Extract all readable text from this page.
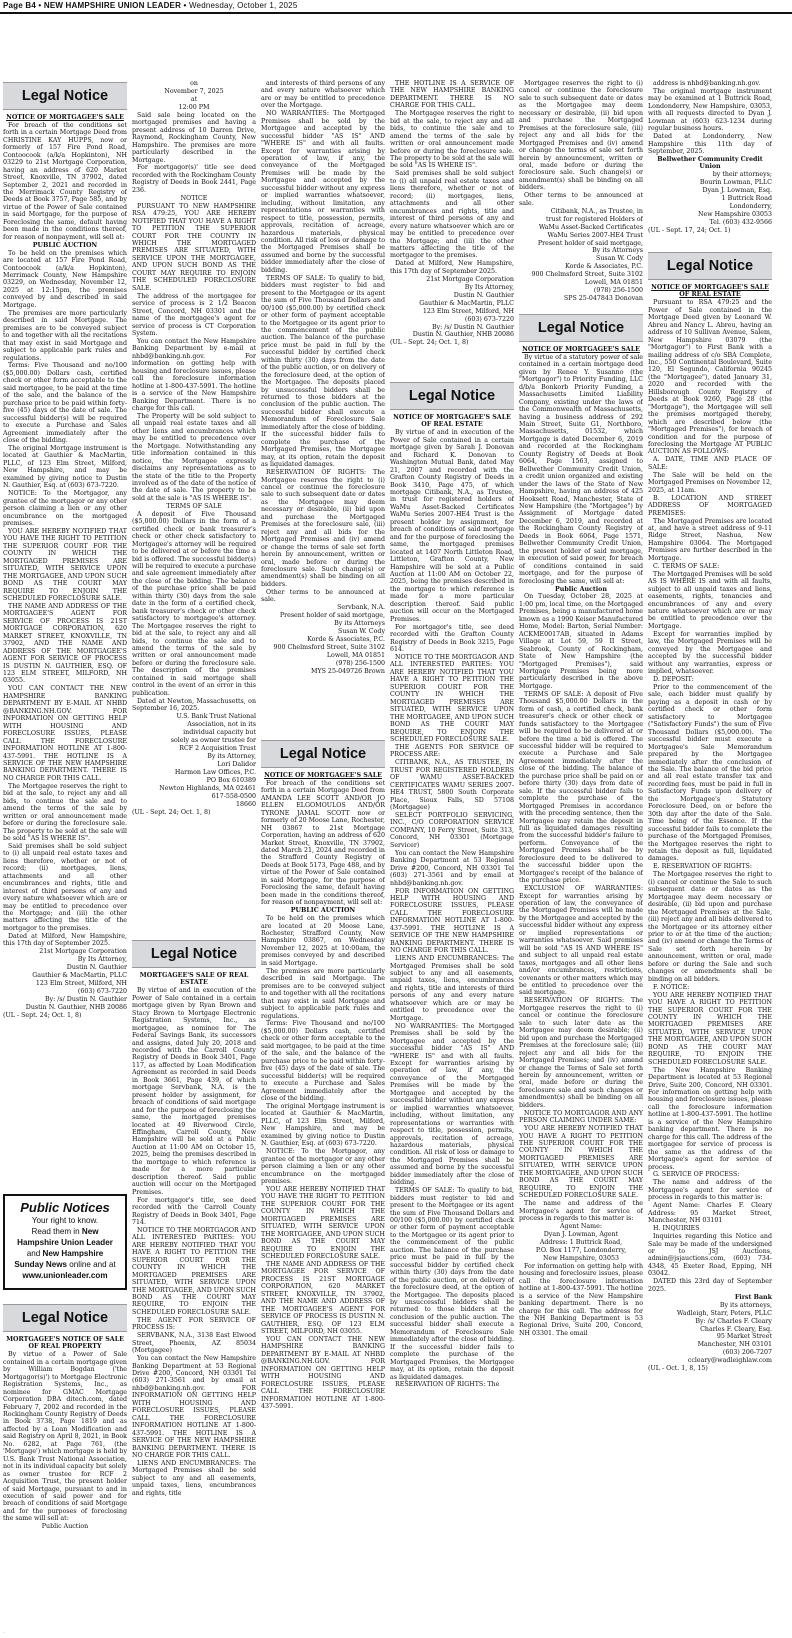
Page B4 • NEW HAMPSHIRE UNION LEADER • Wednesday, October 1, 2025
Legal Notice
Legal Notice
Legal Notice
Legal Notice
Legal Notice
Legal Notice
Legal Notice

NOTICE OF MORTGAGEE'S SALE

For breach of the conditions set forth in a certain Mortgage Deed from CHRISTINE KAY HUPPS, now or formerly of 157 Fire Pond Road, Contoocook (a/k/a Hopkinton), NH 03229 to 21st Mortgage Corporation, having an address of 620 Market Street, Knoxville, TN 37902, dated September 2, 2021 and recorded in the Merrimack County Registry of Deeds at Book 3757, Page 585, and by virtue of the Power of Sale contained in said Mortgage, for the purpose of Foreclosing the same, default having been made in the conditions thereof, for reason of nonpayment, will sell at:

PUBLIC AUCTION

To be held on the premises which are located at 157 Fire Pond Road, Contoocook (a/k/a Hopkinton), Merrimack County, New Hampshire 03229, on Wednesday, November 12, 2025 at 12:15pm, the premises conveyed by and described in said Mortgage.

The premises are more particularly described in said Mortgage. The premises are to be conveyed subject to and together with all the recitations that may exist in said Mortgage and subject to applicable park rules and regulations.

Terms: Five Thousand and no/100 ($5,000.00) Dollars cash, certified check or other form acceptable to the said mortgagee, to be paid at the time of the sale, and the balance of the purchase price to be paid within forty-five (45) days of the date of sale. The successful bidder(s) will be required to execute a Purchase and Sales Agreement immediately after the close of the bidding.

The original Mortgage instrument is located at Gauthier & MacMartin, PLLC, of 123 Elm Street, Milford, New Hampshire, and may be examined by giving notice to Dustin N. Gauthier, Esq. at (603) 673-7220.

NOTICE: To the Mortgagor, any grantee of the mortgagor or any other person claiming a lien or any other encumbrance on the mortgaged premises.

YOU ARE HEREBY NOTIFIED THAT YOU HAVE THE RIGHT TO PETITION THE SUPERIOR COURT FOR THE COUNTY IN WHICH THE MORTGAGED PREMISES ARE SITUATED, WITH SERVICE UPON THE MORTGAGEE, AND UPON SUCH BOND AS THE COURT MAY REQUIRE TO ENJOIN THE SCHEDULED FORECLOSURE SALE.

THE NAME AND ADDRESS OF THE MORTGAGEE'S AGENT FOR SERVICE OF PROCESS IS 21ST MORTGAGE CORPORATION, 620 MARKET STREET, KNOXVILLE, TN 37902, AND THE NAME AND ADDRESS OF THE MORTGAGEE'S AGENT FOR SERVICE OF PROCESS IS DUSTIN N. GAUTHIER, ESQ. OF 123 ELM STREET, MILFORD, NH 03055.

YOU CAN CONTACT THE NEW HAMPSHIRE BANKING DEPARTMENT BY E-MAIL AT NHBD @BANKING.NH.GOV. FOR INFORMATION ON GETTING HELP WITH HOUSING AND FORECLOSURE ISSUES, PLEASE CALL THE FORECLOSURE INFORMATION HOTLINE AT 1-800-437-5991. THE HOTLINE IS A SERVICE OF THE NEW HAMPSHIRE BANKING DEPARTMENT. THERE IS NO CHARGE FOR THIS CALL.

The Mortgagee reserves the right to bid at the sale, to reject any and all bids, to continue the sale and to amend the terms of the sale by written or oral announcement made before or during the foreclosure sale. The property to be sold at the sale will be sold "AS IS WHERE IS".

Said premises shall be sold subject to (i) all unpaid real estate taxes and liens therefore, whether or not of record; (ii) mortgages, liens, attachments and all other encumbrances and rights, title and interest of third persons of any and every nature whatsoever which are or may be entitled to precedence over the Mortgage; and (iii) the other matters affecting the title of the mortgagor to the premises.

Dated at Milford, New Hampshire, this 17th day of September 2025.

21st Mortgage Corporation

By Its Attorney,

Dustin N. Gauthier

Gauthier & MacMartin, PLLC

123 Elm Street, Milford, NH

(603) 673-7220

By: /s/ Dustin N. Gauthier

Dustin N. Gauthier, NHB 20086

(UL - Sept. 24; Oct. 1, 8)

Public Notices
Your right to know.
Read them in New
Hampshire Union Leader
and New Hampshire
Sunday News online and at
www.unionleader.com

MORTGAGEE'S NOTICE OF SALE OF REAL PROPERTY

By virtue of a Power of Sale contained in a certain mortgage given by William Bogdan ('the Mortgagor(s)') to Mortgage Electronic Registration Systems, Inc., as nominee for GMAC Mortgage Corporation DBA ditech.com, dated February 7, 2002 and recorded in the Rockingham County Registry of Deeds in Book 3738, Page 1819 and as affected by a Loan Modification and said Registry on April 8, 2021, in Book No. 6282, at Page 761, (the 'Mortgage') which mortgage is held by U.S. Bank Trust National Association, not in its individual capacity but solely as owner trustee for RCF 2 Acquisition Trust, the present holder of said Mortgage, pursuant to and in execution of said power and for breach of conditions of said Mortgage and for the purposes of foreclosing the same will sell at:

Public Auction

on

November 7, 2025

at

12:00 PM

Said sale being located on the mortgaged premises and having a present address of 10 Darren Drive, Raymond, Rockingham County, New Hampshire. The premises are more particularly described in the Mortgage.

For mortgagor(s)' title see deed recorded with the Rockingham County Registry of Deeds in Book 2441, Page 236.

NOTICE

PURSUANT TO NEW HAMPSHIRE RSA 479:25, YOU ARE HEREBY NOTIFIED THAT YOU HAVE A RIGHT TO PETITION THE SUPERIOR COURT FOR THE COUNTY IN WHICH THE MORTGAGED PREMISES ARE SITUATED, WITH SERVICE UPON THE MORTGAGEE, AND UPON SUCH BOND AS THE COURT MAY REQUIRE TO ENJOIN THE SCHEDULED FORECLOSURE SALE.

The address of the mortgagee for service of process is 2 1/2 Beacon Street, Concord, NH 03301 and the name of the mortgagee's agent for service of process is CT Corporation System.

You can contact the New Hampshire Banking Department by e-mail at nhbd@banking.nh.gov. For information on getting help with housing and foreclosure issues, please call the foreclosure information hotline at 1-800-437-5991. The hotline is a service of the New Hampshire Banking Department. There is no charge for this call.

The Property will be sold subject to all unpaid real estate taxes and all other liens and encumbrances which may be entitled to precedence over the Mortgage. Notwithstanding any title information contained in this notice, the Mortgagee expressly disclaims any representations as to the state of the title to the Property involved as of the date of the notice of the date of sale. The property to be sold at the sale is "AS IS WHERE IS".

TERMS OF SALE

A deposit of Five Thousand ($5,000.00) Dollars in the form of a certified check or bank treasurer's check or other check satisfactory to Mortgagee's attorney will be required to be delivered at or before the time a bid is offered. The successful bidder(s) will be required to execute a purchase and sale agreement immediately after the close of the bidding. The balance of the purchase price shall be paid within thirty (30) days from the sale date in the form of a certified check, bank treasurer's check or other check satisfactory to mortgagee's attorney. The Mortgagee reserves the right to bid at the sale, to reject any and all bids, to continue the sale and to amend the terms of the sale by written or oral announcement made before or during the foreclosure sale. The description of the premises contained in said mortgage shall control in the event of an error in this publication.

Dated at Newton, Massachusetts, on September 16, 2025.

U.S. Bank Trust National

Association, not in its

individual capacity but

solely as owner trustee for

RCF 2 Acquisition Trust

By its Attorney,

Lori Dalidor

Harmon Law Offices, P.C.

PO Box 610389

Newton Highlands, MA 02461

617-558-0500

18660

(UL - Sept. 24; Oct. 1, 8)

MORTGAGEE'S SALE OF REAL ESTATE

By virtue of and in execution of the Power of Sale contained in a certain mortgage given by Ryan Brown and Stacy Brown to Mortgage Electronic Registration Systems, Inc., as mortgagee, as nominee for The Federal Savings Bank, its successors and assigns, dated July 20, 2018 and recorded with the Carroll County Registry of Deeds in Book 3401, Page 117, as affected by Loan Modification Agreement as recorded in said Deeds in Book 3661, Page 439, of which mortgage Servbank, N.A. is the present holder by assignment, for breach of conditions of said mortgage and for the purpose of foreclosing the same, the mortgaged premises located at 49 Riverwood Circle, Effingham, Carroll County, New Hampshire will be sold at a Public Auction at 11:00 AM on October 15, 2025, being the premises described in the mortgage to which reference is made for a more particular description thereof. Said public auction will occur on the Mortgaged Premises.

For mortgagor's title, see deed recorded with the Carroll County Registry of Deeds in Book 3401, Page 714.

NOTICE TO THE MORTGAGOR AND ALL INTERESTED PARTIES: YOU ARE HEREBY NOTIFIED THAT YOU HAVE A RIGHT TO PETITION THE SUPERIOR COURT FOR THE COUNTY IN WHICH THE MORTGAGED PREMISES ARE SITUATED, WITH SERVICE UPON THE MORTGAGEE, AND UPON SUCH BOND AS THE COURT MAY REQUIRE, TO ENJOIN THE SCHEDULED FORECLOSURE SALE.

THE AGENT FOR SERVICE OF PROCESS IS:

SERVBANK, N.A., 3138 East Elwood Street, Phoenix, AZ 85034 (Mortgagee)

You can contact the New Hampshire Banking Department at 53 Regional Drive #200, Concord, NH 03301 Tel (603) 271-3561 and by email at nhbd@banking.nh.gov. FOR INFORMATION ON GETTING HELP WITH HOUSING AND FORECLOSURE ISSUES, PLEASE CALL THE FORECLOSURE INFORMATION HOTLINE AT 1-800-437-5991. THE HOTLINE IS A SERVICE OF THE NEW HAMPSHIRE BANKING DEPARTMENT. THERE IS NO CHARGE FOR THIS CALL.

LIENS AND ENCUMBRANCES: The Mortgaged Premises shall be sold subject to any and all easements, unpaid taxes, liens, encumbrances and rights, title

and interests of third persons of any and every nature whatsoever which are or may be entitled to precedence over the Mortgage.

NO WARRANTIES: The Mortgaged Premises shall be sold by the Mortgagee and accepted by the successful bidder "AS IS" AND "WHERE IS" and with all faults. Except for warranties arising by operation of law, if any, the conveyance of the Mortgaged Premises will be made by the Mortgagee and accepted by the successful bidder without any express or implied warranties whatsoever, including, without limitation, any representations or warranties with respect to title, possession, permits, approvals, recitation of acreage, hazardous materials, physical condition. All risk of loss or damage to the Mortgaged Premises shall be assumed and borne by the successful bidder immediately after the close of bidding.

TERMS OF SALE: To qualify to bid, bidders must register to bid and present to the Mortgagee or its agent the sum of Five Thousand Dollars and 00/100 ($5,000.00) by certified check or other form of payment acceptable to the Mortgagee or its agent prior to the commencement of the public auction. The balance of the purchase price must be paid in full by the successful bidder by certified check within thirty (30) days from the date of the public auction, or on delivery of the foreclosure deed, at the option of the Mortgagee. The deposits placed by unsuccessful bidders shall be returned to those bidders at the conclusion of the public auction. The successful bidder shall execute a Memorandum of Foreclosure Sale immediately after the close of bidding. If the successful bidder fails to complete the purchase of the Mortgaged Premises, the Mortgagee may, at its option, retain the deposit as liquidated damages.

RESERVATION OF RIGHTS: The Mortgagee reserves the right to (i) cancel or continue the foreclosure sale to such subsequent date or dates as the Mortgagee may deem necessary or desirable, (ii) bid upon and purchase the Mortgaged Premises at the foreclosure sale, (iii) reject any and all bids for the Mortgaged Premises and (iv) amend or change the terms of sale set forth herein by announcement, written or oral, made before or during the foreclosure sale. Such change(s) or amendment(s) shall be binding on all bidders.

Other terms to be announced at sale.

Servbank, N.A.

Present holder of said mortgage,

By its Attorneys

Susan W. Cody

Korde & Associates, P.C.

900 Chelmsford Street, Suite 3102

Lowell, MA 01851

(978) 256-1500

MYS 25-049726 Brown

NOTICE OF MORTGAGEE'S SALE

For breach of the conditions set forth in a certain Mortgage Deed from AMANDA LEE SCOTT AND/OR JO ELLEN ELGOMOULOS AND/OR TYRONE JAMAL SCOTT now or formerly of 20 Moose Lane, Rochester, NH 03867 to 21st Mortgage Corporation, having an address of 620 Market Street, Knoxville, TN 37902, dated March 21, 2024 and recorded in the Strafford County Registry of Deeds at Book 5173, Page 488, and by virtue of the Power of Sale contained in said Mortgage, for the purpose of Foreclosing the same, default having been made in the conditions thereof, for reason of nonpayment, will sell at:

PUBLIC AUCTION

To be held on the premises which are located at 20 Moose Lane, Rochester, Strafford County, New Hampshire 03867, on Wednesday November 12, 2025 at 10:00am, the premises conveyed by and described in said Mortgage.

The premises are more particularly described in said Mortgage. The premises are to be conveyed subject to and together with all the recitations that may exist in said Mortgage and subject to applicable park rules and regulations.

Terms: Five Thousand and no/100 ($5,000.00) Dollars cash, certified check or other form acceptable to the said mortgagee, to be paid at the time of the sale, and the balance of the purchase price to be paid within forty-five (45) days of the date of sale. The successful bidder(s) will be required to execute a Purchase and Sales Agreement immediately after the close of the bidding.

The original Mortgage instrument is located at Gauthier & MacMartin, PLLC, of 123 Elm Street, Milford, New Hampshire, and may be examined by giving notice to Dustin N. Gauthier, Esq. at (603) 673-7220.

NOTICE: To the Mortgagor, any grantee of the mortgagor or any other person claiming a lien or any other encumbrance on the mortgaged premises.

YOU ARE HEREBY NOTIFIED THAT YOU HAVE THE RIGHT TO PETITION THE SUPERIOR COURT FOR THE COUNTY IN WHICH THE MORTGAGED PREMISES ARE SITUATED, WITH SERVICE UPON THE MORTGAGEE, AND UPON SUCH BOND AS THE COURT MAY REQUIRE TO ENJOIN THE SCHEDULED FORECLOSURE SALE.

THE NAME AND ADDRESS OF THE MORTGAGEE FOR SERVICE OF PROCESS IS 21ST MORTGAGE CORPORATION, 620 MARKET STREET, KNOXVILLE, TN 37902, AND THE NAME AND ADDRESS OF THE MORTGAGEE'S AGENT FOR SERVICE OF PROCESS IS DUSTIN N. GAUTHIER, ESQ. OF 123 ELM STREET, MILFORD, NH 03055.

YOU CAN CONTACT THE NEW HAMPSHIRE BANKING DEPARTMENT BY E-MAIL AT NHBD @BANKING.NH.GOV. FOR INFORMATION ON GETTING HELP WITH HOUSING AND FORECLOSURE ISSUES, PLEASE CALL THE FORECLOSURE INFORMATION HOTLINE AT 1-800-437-5991.

THE HOTLINE IS A SERVICE OF THE NEW HAMPSHIRE BANKING DEPARTMENT. THERE IS NO CHARGE FOR THIS CALL.

The Mortgagee reserves the right to bid at the sale, to reject any and all bids, to continue the sale and to amend the terms of the sale by written or oral announcement made before or during the foreclosure sale. The property to be sold at the sale will be sold "AS IS WHERE IS".

Said premises shall be sold subject to (i) all unpaid real estate taxes and liens therefore, whether or not of record; (ii) mortgages, liens, attachments and all other encumbrances and rights, title and interest of third persons of any and every nature whatsoever which are or may be entitled to precedence over the Mortgage; and (iii) the other matters affecting the title of the mortgagor to the premises.

Dated at Milford, New Hampshire, this 17th day of September 2025.

21st Mortgage Corporation

By Its Attorney,

Dustin N. Gauthier

Gauthier & MacMartin, PLLC

123 Elm Street, Milford, NH

(603) 673-7220

By: /s/ Dustin N. Gauthier

Dustin N. Gauthier, NHB 20086

(UL - Sept. 24; Oct. 1, 8)

NOTICE OF MORTGAGEE'S SALE OF REAL ESTATE

By virtue of and in execution of the Power of Sale contained in a certain mortgage given by Sarah J. Donovan and Richard K. Donovan to Washington Mutual Bank, dated May 21, 2007 and recorded with the Grafton County Registry of Deeds in Book 3410, Page 475, of which mortgage Citibank, N.A., as Trustee, in trust for registered holders of WaMu Asset-Backed Certificates WaMu Series 2007-HE4 Trust is the present holder by assignment, for breach of conditions of said mortgage and for the purpose of foreclosing the same, the mortgaged premises located at 1407 North Littleton Road, Littleton, Grafton County, New Hampshire will be sold at a Public Auction at 11:00 AM on October 22, 2025, being the premises described in the mortgage to which reference is made for a more particular description thereof. Said public auction will occur on the Mortgaged Premises.

For mortgagor's title, see deed recorded with the Grafton County Registry of Deeds in Book 3215, Page 614.

NOTICE TO THE MORTGAGOR AND ALL INTERESTED PARTIES: YOU ARE HEREBY NOTIFIED THAT YOU HAVE A RIGHT TO PETITION THE SUPERIOR COURT FOR THE COUNTY IN WHICH THE MORTGAGED PREMISES ARE SITUATED, WITH SERVICE UPON THE MORTGAGEE, AND UPON SUCH BOND AS THE COURT MAY REQUIRE, TO ENJOIN THE SCHEDULED FORECLOSURE SALE.

THE AGENTS FOR SERVICE OF PROCESS ARE:

CITIBANK, N.A., AS TRUSTEE, IN TRUST FOR REGISTERED HOLDERS OF WAMU ASSET-BACKED CERTIFICATES WAMU SERIES 2007-HE4 TRUST, 5800 South Corporate Place, Sioux Falls, SD 57108 (Mortgagee)

SELECT PORTFOLIO SERVICING, INC., C/O CORPORATION SERVICE COMPANY, 10 Ferry Street, Suite 313, Concord, NH 03301 (Mortgage Servicer)

You can contact the New Hampshire Banking Department at 53 Regional Drive #200, Concord, NH 03301 Tel (603) 271-3561 and by email at nhbd@banking.nh.gov.

FOR INFORMATION ON GETTING HELP WITH HOUSING AND FORECLOSURE ISSUES, PLEASE CALL THE FORECLOSURE INFORMATION HOTLINE AT 1-800-437-5991. THE HOTLINE IS A SERVICE OF THE NEW HAMPSHIRE BANKING DEPARTMENT. THERE IS NO CHARGE FOR THIS CALL.

LIENS AND ENCUMBRANCES: The Mortgaged Premises shall be sold subject to any and all easements, unpaid taxes, liens, encumbrances and rights, title and interests of third persons of any and every nature whatsoever which are or may be entitled to precedence over the Mortgage.

NO WARRANTIES: The Mortgaged Premises shall be sold by the Mortgagee and accepted by the successful bidder "AS IS" AND "WHERE IS" and with all faults. Except for warranties arising by operation of law, if any, the conveyance of the Mortgaged Premises will be made by the Mortgagee and accepted by the successful bidder without any express or implied warranties whatsoever, including, without limitation, any representations or warranties with respect to title, possession, permits, approvals, recitation of acreage, hazardous materials, physical condition. All risk of loss or damage to the Mortgaged Premises shall be assumed and borne by the successful bidder immediately after the close of bidding.

TERMS OF SALE: To qualify to bid, bidders must register to bid and present to the Mortgagee or its agent the sum of Five Thousand Dollars and 00/100 ($5,000.00) by certified check or other form of payment acceptable to the Mortgagee or its agent prior to the commencement of the public auction. The balance of the purchase price must be paid in full by the successful bidder by certified check within thirty (30) days from the date of the public auction, or on delivery of the foreclosure deed, at the option of the Mortgagee. The deposits placed by unsuccessful bidders shall be returned to those bidders at the conclusion of the public auction. The successful bidder shall execute a Memorandum of Foreclosure Sale immediately after the close of bidding. If the successful bidder fails to complete the purchase of the Mortgaged Premises, the Mortgagee may, at its option, retain the deposit as liquidated damages.

RESERVATION OF RIGHTS: The

Mortgagee reserves the right to (i) cancel or continue the foreclosure sale to such subsequent date or dates as the Mortgagee may deem necessary or desirable, (ii) bid upon and purchase the Mortgaged Premises at the foreclosure sale, (iii) reject any and all bids for the Mortgaged Premises and (iv) amend or change the terms of sale set forth herein by announcement, written or oral, made before or during the foreclosure sale. Such change(s) or amendment(s) shall be binding on all bidders.

Other terms to be announced at sale.

Citibank, N.A., as Trustee, in

trust for registered Holders of

WaMu Asset-Backed Certificates

WaMu Series 2007-HE4 Trust

Present holder of said mortgage,

By its Attorneys

Susan W. Cody

Korde & Associates, P.C.

900 Chelmsford Street, Suite 3102

Lowell, MA 01851

(978) 256-1500

SPS 25-047843 Donovan

NOTICE OF MORTGAGEE'S SALE

By virtue of a statutory power of sale contained in a certain mortgage deed given by Renee Y. Susanno (the "Mortgagor") to Priority Funding, LLC d/b/a Bonkorb Priority Funding, a Massachusetts Limited Liability Company, existing under the laws of the Commonwealth of Massachusetts, having a business address of 292 Main Street, Suite G1, Northboro, Massachusetts, 01532, which Mortgage is dated December 6, 2019 and recorded at the Rockingham County Registry of Deeds at Book 6064, Page 1563, assigned to Bellwether Community Credit Union, a credit union organized and existing under the laws of the State of New Hampshire, having an address of 425 Hooksett Road, Manchester, State of New Hampshire (the "Mortgagee") by Assignment of Mortgage dated December 6, 2019, and recorded at the Rockingham County Registry of Deeds in Book 6064, Page 1571, Bellwether Community Credit Union, the present holder of said mortgage, in execution of said power, for breach of conditions contained in said mortgage, and for the purpose of foreclosing the same, will sell at:

Public Auction

On Tuesday, October 28, 2025 at 1:00 pm, local time, on the Mortgaged Premises, being a manufactured home known as a 1990 Keiser Manufactured Home, Model: Barton, Serial Number: ACKME0017AB, situated in Adams Village at Lot 59, 59 II Street, Seabrook, County of Rockingham, State of New Hampshire (the "Mortgaged Premises"), said Mortgage Premises being more particularly described in the above Mortgage.

TERMS OF SALE: A deposit of Five Thousand $5,000.00 Dollars in the form of cash, a certified check, bank treasurer's check or other check or funds satisfactory to the Mortgagee will be required to be delivered at or before the time a bid is offered. The successful bidder will be required to execute a Purchase and Sale Agreement immediately after the close of the bidding. The balance of the purchase price shall be paid on or before thirty (30) days from date of sale. If the successful bidder fails to complete the purchase of the Mortgaged Premises in accordance with the preceding sentence, then the Mortgagee may retain the deposit in full as liquidated damages resulting from the successful bidder's failure to perform. Conveyance of the Mortgaged Premises shall be by foreclosure deed to be delivered to the successful bidder upon the Mortgagee's receipt of the balance of the purchase price.

EXCLUSION OF WARRANTIES: Except for warranties arising by operation of law, the conveyance of the Mortgaged Premises will be made by the Mortgagee and accepted by the successful bidder without any express or implied representations or warranties whatsoever. Said premises will be sold "AS IS AND WHERE IS" and subject to all unpaid real estate taxes, mortgages and all other liens and/or encumbrances, restrictions, covenants or other matters which may be entitled to precedence over the said mortgage.

RESERVATION OF RIGHTS: The Mortgagee reserves the right to (i) cancel or continue the foreclosure sale to such later date as the Mortgagee may deem desirable; (ii) bid upon and purchase the Mortgaged Premises at the foreclosure sale; (iii) reject any and all bids for the Mortgaged Premises; and (iv) amend or change the Terms of Sale set forth herein by announcement, written or oral, made before or during the foreclosure sale and such changes or amendment(s) shall be binding on all bidders.

NOTICE TO MORTGAGOR AND ANY PERSON CLAIMING UNDER SAME:

YOU ARE HEREBY NOTIFIED THAT YOU HAVE A RIGHT TO PETITION THE SUPERIOR COURT FOR THE COUNTY IN WHICH THE MORTGAGED PREMISES ARE SITUATED, WITH SERVICE UPON THE MORTGAGEE, AND UPON SUCH BOND AS THE COURT MAY REQUIRE, TO ENJOIN THE SCHEDULED FORECLOSURE SALE.

The name and address of the Mortgagee's agent for service of process in regards to this matter is:

Agent Name:

Dyan J. Lowman, Agent

Address: 1 Buttrick Road,

P.O. Box 1177, Londonderry,

New Hampshire, 03053

For information on getting help with housing and foreclosure issues, please call the foreclosure information hotline at 1-800-437-5991. The hotline is a service of the New Hampshire banking department. There is no charge for this call. The address for the NH Banking Department is 53 Regional Drive, Suite 200, Concord, NH 03301. The email

address is nhbd@banking.nh.gov.

The original mortgage instrument may be examined at 1 Buttrick Road, Londonderry, New Hampshire, 03053, with all requests directed to Dyan J. Lowman at (603) 623-1234 during regular business hours.

Dated at Londonderry, New Hampshire this 11th day of September, 2025.

Bellwether Community Credit Union

by their attorneys;

Bourin Lowman, PLLC

Dyan J. Lowman, Esq.

1 Buttrick Road

Londonderry,

New Hampshire 03053

Tel. (603) 432-9566

(UL - Sept. 17, 24; Oct. 1)

NOTICE OF MORTGAGEE'S SALE OF REAL ESTATE

Pursuant to RSA 479:25 and the Power of Sale contained in the Mortgage Deed given by Leonard W. Abreu and Nancy L. Abreu, having an address of 10 Sullivan Avenue, Salem, New Hampshire 03079 (the "Mortgagor") to First Bank with a mailing address of c/o SBA Complete, Inc., 550 Continental Boulevard, Suite 120, El Segundo, California 90245 (the "Mortgagee"), dated January 31, 2020 and recorded with the Hillsborough County Registry of Deeds at Book 9260, Page 28 (the "Mortgage"), the Mortgagee will sell the premises mortgaged thereby, which are described below (the "Mortgaged Premises"), for breach of condition and for the purpose of foreclosing the Mortgage AT PUBLIC AUCTION AS FOLLOWS:

A. DATE, TIME AND PLACE OF SALE:

The Sale will be held on the Mortgaged Premises on November 12, 2025, at 11am.

B. LOCATION AND STREET ADDRESS OF MORTGAGED PREMISES:

The Mortgaged Premises are located at, and have a street address of 9-11 Ridge Street, Nashua, New Hampshire 03064. The Mortgaged Premises are further described in the Mortgage.

C. TERMS OF SALE:

The Mortgaged Premises will be sold AS IS WHERE IS and with all faults, subject to all unpaid taxes and liens, easements, rights, tenancies and encumbrances of any and every nature whatsoever which are or may be entitled to precedence over the Mortgage.

Except for warranties implied by law, the Mortgaged Premises will be conveyed by the Mortgagee and accepted by the successful bidder without any warranties, express or implied, whatsoever.

D. DEPOSIT:

Prior to the commencement of the sale, each bidder must qualify by paying as a deposit in cash or by certified check or other form satisfactory to Mortgagee ("Satisfactory Funds") the sum of Five Thousand Dollars ($5,000.00). The successful bidder must execute a Mortgagee's Sale Memorandum prepared by the Mortgagee immediately after the conclusion of the Sale. The balance of the bid price and all real estate transfer tax and recording fees, must be paid in full in Satisfactory Funds upon delivery of the Mortgagee's Statutory Foreclosure Deed, on or before the 30th day after the date of the Sale. Time being of the Essence. If the successful bidder fails to complete the purchase of the Mortgaged Premises, the Mortgagee reserves the right to retain the deposit as full, liquidated damages.

E. RESERVATION OF RIGHTS:

The Mortgagee reserves the right to (i) cancel or continue the Sale to such subsequent date or dates as the Mortgagee may deem necessary or desirable, (ii) bid upon and purchase the Mortgaged Premises at the Sale, (iii) reject any and all bids delivered to the Mortgagee or its attorney either prior to or at the time of the auction; and (iv) amend or change the Terms of Sale set forth herein by announcement, written or oral, made before or during the Sale and such changes or amendments shall be binding on all bidders.

F. NOTICE:

YOU ARE HEREBY NOTIFIED THAT YOU HAVE A RIGHT TO PETITION THE SUPERIOR COURT FOR THE COUNTY IN WHICH THE MORTGAGED PREMISES ARE SITUATED, WITH SERVICE UPON THE MORTGAGEE, AND UPON SUCH BOND AS THE COURT MAY REQUIRE, TO ENJOIN THE SCHEDULED FORECLOSURE SALE.

The New Hampshire Banking Department is located at 53 Regional Drive, Suite 200, Concord, NH 03301. For information on getting help with housing and foreclosure issues, please call the foreclosure information hotline at 1-800-437-5991. The hotline is a service of the New Hampshire banking department. There is no charge for this call. The address of the mortgagee for service of process is the same as the address of the Mortgagee's agent for service of process.

G. SERVICE OF PROCESS:

The name and address of the Mortgagee's agent for service of process in regards to this matter is:

Agent Name: Charles F. Cleary Address: 95 Market Street, Manchester, NH 03101

H. INQUIRIES

Inquiries regarding this Notice and Sale may be made of the undersigned or to JSJ Auctions, admin@jsjauctions.com, (603) 734-4348, 45 Exeter Road, Epping, NH 03042.

DATED this 23rd day of September 2025.

First Bank

By its attorneys,

Wadleigh, Starr, Peters, PLLC

By: /s/ Charles F. Cleary

Charles F. Cleary, Esq.

95 Market Street

Manchester, NH 03101

(603) 206-7207

ccleary@wadleighlaw.com

(UL - Oct. 1, 8, 15)

·
